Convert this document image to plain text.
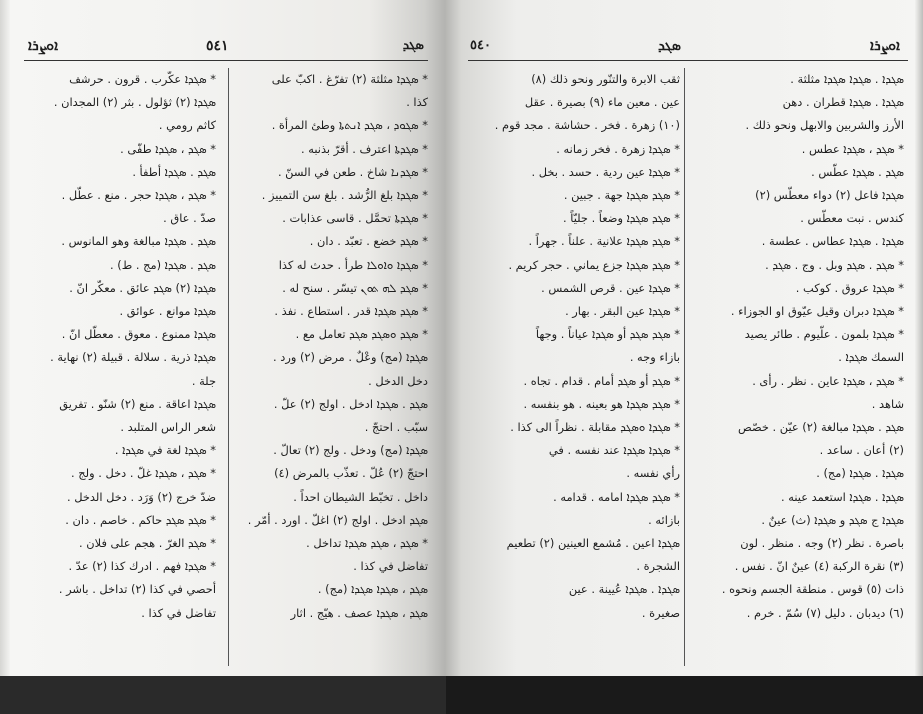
ܐܘܨܪܐ	٥٤١	ܣܓܕ
* ܣܓܕܐ مثلثة (٢) تفرّغ . اكبّ على
كذا .
* ܣܓܘܕ ، ܣܓܕ ܐܢܬܬܐ وطئ المرأة .
* ܣܓܕܬܐ اعترف . أقرّ بذنبه .
* ܣܓܕܢܐ شاخ . طعن في السنّ .
* ܣܓܕܐ بلغ الرُّشد . بلغ سن التمييز .
* ܣܓܕܬܐ تحمَّل . قاسى عذابات .
* ܣܓܕ خضع . تعبّد . دان .
* ܣܓܕܐ ܘܐܘܠܐ طرأ . حدث له كذا
* ܣܓܕ ܠܗ ܬܘܢ تيسّر . سنح له .
* ܣܓܕ ܣܓܕܐ قدر . استطاع . نفذ .
* ܣܓܕ ܘܣܓܕ ܣܓܕ تعامل مع .
ܣܓܕܐ (مج) وعْلٌ . مرض (٢) ورد .
دخل الدخل .
ܣܓܕ . ܣܓܕܐ ادخل . اولج (٢) علّ .
سبّب . احتجّ .
ܣܓܕܐ (مج) ودخل . ولج (٢) تعالّ .
احتجّ (٢) عُلّ . تعذّب بالمرض (٤)
داخل . تخبّط الشيطان احداً .
ܣܓܕ ادخل . اولج (٢) اغلّ . اورد . أمّر .
* ܣܓܕ ، ܣܓܕ ܣܓܕܐ تداخل .
تفاضل في كذا .
ܣܓܕ ، ܣܓܕܐ ܣܓܕܐ (مج) .
ܣܓܕ ، ܣܓܕܐ عصف . هيّج . اثار
* ܣܓܕܐ عكّرب . قرون . حرشف
ܣܓܕܐ (٢) ثؤلول . بثر (٢) المجدان .
كاثم رومي .
* ܣܓܕ ، ܣܓܕܐ طفّى .
ܣܓܕ . ܣܓܕܐ أطفأ .
* ܣܓܕ ، ܣܓܕܐ حجر . منع . عطّل .
صدّ . عاق .
ܣܓܕ . ܣܓܕܐ مبالغة وهو المانوس .
ܣܓܕ . ܣܓܕܐ (مج . ط) .
ܣܓܕܐ (٢) ܣܓܕ عائق . معكّر انّ .
ܣܓܕܐ موانع . عوائق .
ܣܓܕܐ ممنوع . معوق . معطّل انّ .
ܣܓܕܐ ذرية . سلالة . قبيلة (٢) نهاية .
جلة .
ܣܓܕܐ اعاقة . منع (٢) شنّو . تفريق
شعر الراس المتلبد .
* ܣܓܕܐ لغة في ܣܓܕܐ .
* ܣܓܕ ، ܣܓܕܐ غلّ . دخل . ولج .
ضدّ خرج (٢) وَرَد . دخل الدخل .
* ܣܓܕ ܣܓܕ حاكم . خاصم . دان .
* ܣܓܕ الغرّ . هجم على فلان .
* ܣܓܕܐ فهم . ادرك كذا (٢) عدّ .
أحصي في كذا (٢) تداخل . باشر .
تفاضل في كذا .
٥٤٠	ܣܓܕ	ܐܘܨܪܐ
ثقب الابرة والتنّور ونحو ذلك (٨)
عين . معين ماء (٩) بصيرة . عقل
(١٠) زهرة . فخر . حشاشة . مجد قوم .
* ܣܓܕܐ زهرة . فخر زمانه .
* ܣܓܕܐ عين ردية . حسد . بخل .
* ܣܓܕ ܣܓܕܐ جهة . جبين .
* ܣܓܕ ܣܓܕܐ وضعاً . جليّاً .
* ܣܓܕ ܣܓܕܐ علانية . علناً . جهراً .
* ܣܓܕ ܣܓܕܐ جزع يماني . حجر كريم .
* ܣܓܕܐ عين . قرص الشمس .
* ܣܓܕܐ عين البقر . بهار .
* ܣܓܕ ܣܓܕ أو ܣܓܕܐ عياناً . وجهاً
بازاء وجه .
* ܣܓܕ أو ܣܓܕ أمام . قدام . تجاه .
* ܣܓܕ ܣܓܕܐ هو بعينه . هو بنفسه .
* ܣܓܕܐ ܘܣܓܕ مقابلة . نظراً الى كذا .
* ܣܓܕܐ ܣܓܕܐ عند نفسه . في
رأي نفسه .
* ܣܓܕ ܣܓܕܐ امامه . قدامه .
بازائه .
ܣܓܕܐ اعين . مُشمع العينين (٢) تطعيم
الشجرة .
ܣܓܕܐ . ܣܓܕܐ عُيينة . عين
صغيرة .
ܣܓܕܐ . ܣܓܕܐ ܣܓܕܐ مثلثة .
ܣܓܕܐ . ܣܓܕܐ قطران . دهن
الأرز والشربين والابهل ونحو ذلك .
* ܣܓܕ ، ܣܓܕܐ عطس .
ܣܓܕ . ܣܓܕܐ عطّس .
ܣܓܕܐ فاعل (٢) دواء معطّس (٢)
كندس . نبت معطّس .
ܣܓܕܐ . ܣܓܕܐ عطاس . عطسة .
* ܣܓܕ . ܣܓܕ وبل . وج . ܣܓܕ .
* ܣܓܕܐ عروق . كوكب .
* ܣܓܕܐ دبران وقيل عيّوق او الجوزاء .
* ܣܓܕܐ بلمون . علّيوم . طائر يصيد
السمك ܣܓܕܐ .
* ܣܓܕ ، ܣܓܕܐ عاين . نظر . رأى .
شاهد .
ܣܓܕ . ܣܓܕܐ مبالغة (٢) عيّن . خصّص
(٢) أعان . ساعد .
ܣܓܕܐ . ܣܓܕܐ (مج) .
ܣܓܕܐ . ܣܓܕܐ استعمد عينه .
ܣܓܕܐ ج ܣܓܕ و ܣܓܕܐ (ث) عينٌ .
باصرة . نظر (٢) وجه . منظر . لون
(٣) نقرة الركبة (٤) عينٌ انّ . نفس .
ذات (٥) قوس . منطقة الجسم ونحوه .
(٦) ديدبان . دليل (٧) سُمّ . خرم .
